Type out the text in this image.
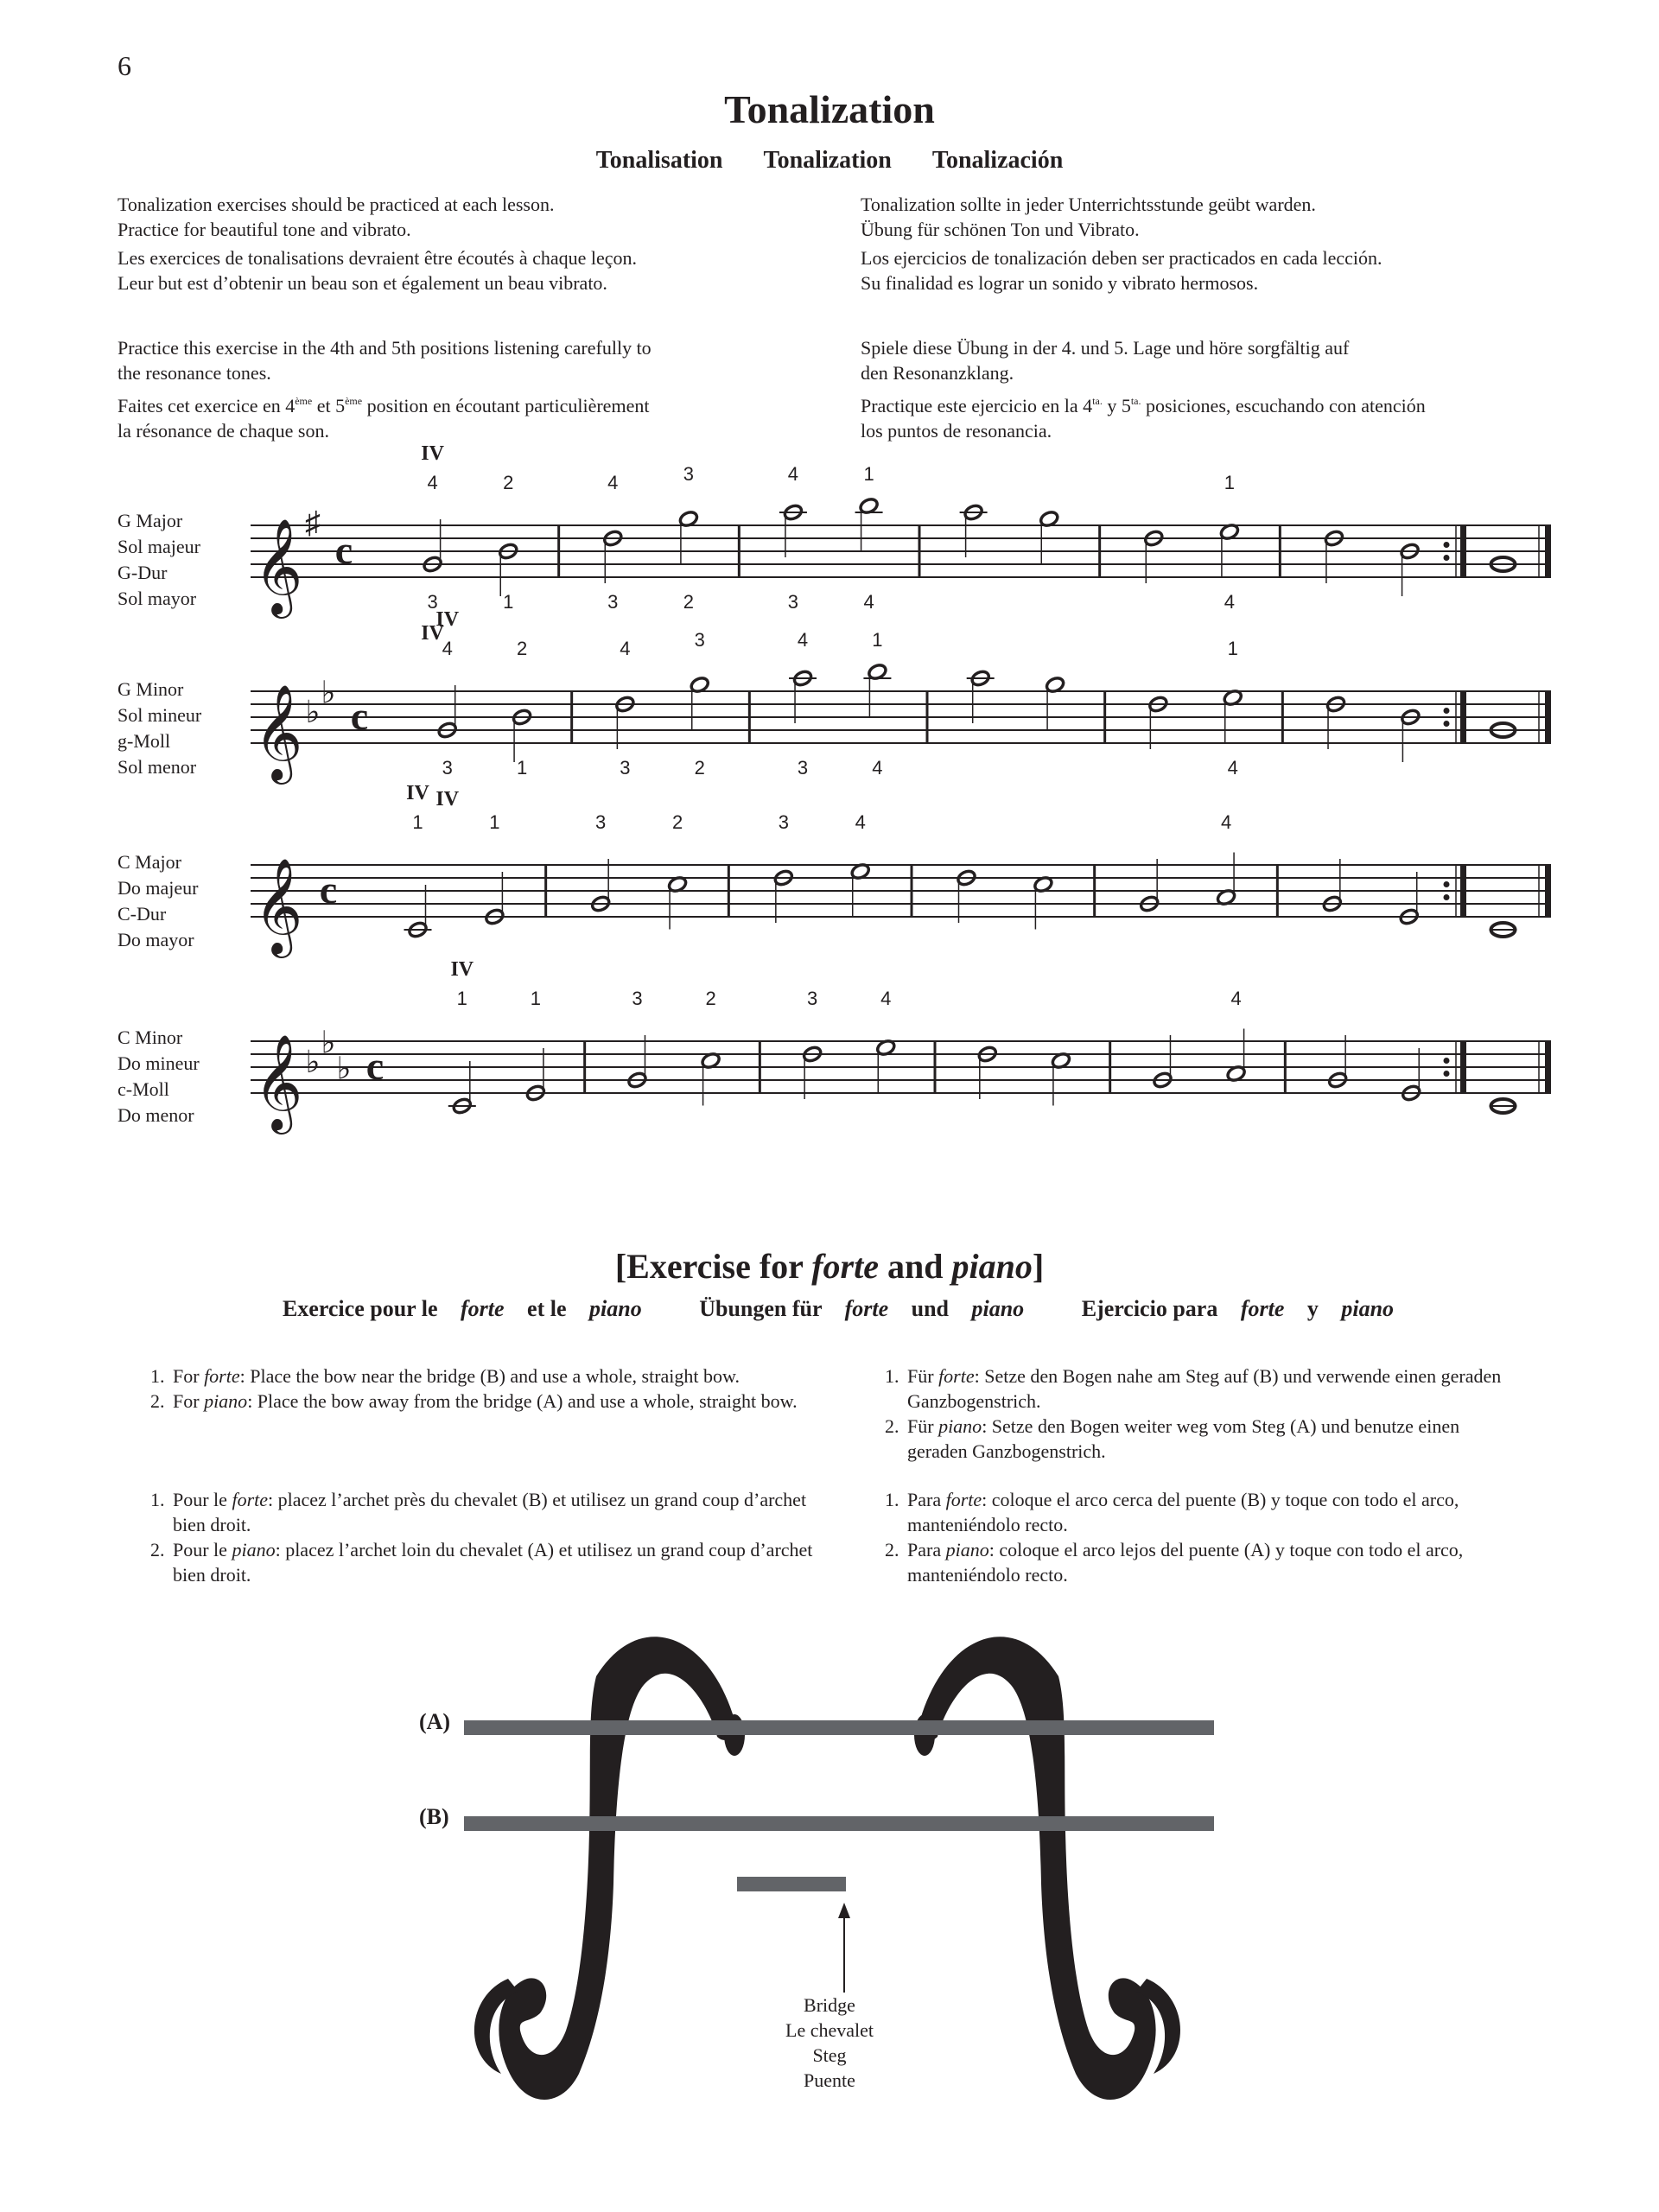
6
Tonalization
Tonalisation Tonalization Tonalización

Tonalization exercises should be practiced at each lesson.
Practice for beautiful tone and vibrato.

Les exercices de tonalisations devraient être écoutés à chaque leçon.
Leur but est d’obtenir un beau son et également un beau vibrato.

Tonalization sollte in jeder Unterrichtsstunde geübt warden.
Übung für schönen Ton und Vibrato.

Los ejercicios de tonalización deben ser practicados en cada lección.
Su finalidad es lograr un sonido y vibrato hermosos.

Practice this exercise in the 4th and 5th positions listening carefully to
the resonance tones.

Faites cet exercice en 4ème et 5ème position en écoutant particulièrement
la résonance de chaque son.

Spiele diese Übung in der 4. und 5. Lage und höre sorgfältig auf
den Resonanzklang.

Practique este ejercicio en la $4^{ta.}$ y $5^{ta.}$ posiciones, escuchando con atención
los puntos de resonancia.

G Major
Sol majeur
G-Dur
Sol mayor
G Minor
Sol mineur
g-Moll
Sol menor
C Major
Do majeur
C-Dur
Do mayor
C Minor
Do mineur
c-Moll
Do menor
𝄞 ♯
c
4
3
IV
IV
2
1
4
3
3
2
4
3
1
4
1
4
𝄞 ♭
♭
c
4
3
IV
IV
2
1
4
3
3
2
4
3
1
4
1
4
𝄞 c
1
IV
1	3	2	3	4	4
𝄞 ♭
♭
♭ c
1
IV
1	3	2	3	4	4
[Exercise for forte and piano]
Exercice pour le forte et le piano	Übungen für forte und piano	Ejercicio para forte y piano
1. For forte: Place the bow near the bridge (B) and use a whole, straight bow.
2. For piano: Place the bow away from the bridge (A) and use a whole, straight bow.
1. Pour le forte: placez l’archet près du chevalet (B) et utilisez un grand coup d’archet bien droit.
2. Pour le piano: placez l’archet loin du chevalet (A) et utilisez un grand coup d’archet bien droit.
1. Für forte: Setze den Bogen nahe am Steg auf (B) und verwende einen geraden Ganzbogenstrich.
2. Für piano: Setze den Bogen weiter weg vom Steg (A) und benutze einen geraden Ganzbogenstrich.
1. Para forte: coloque el arco cerca del puente (B) y toque con todo el arco, manteniéndolo recto.
2. Para piano: coloque el arco lejos del puente (A) y toque con todo el arco, manteniéndolo recto.
(A)
(B)
Bridge
Le chevalet
Steg
Puente
